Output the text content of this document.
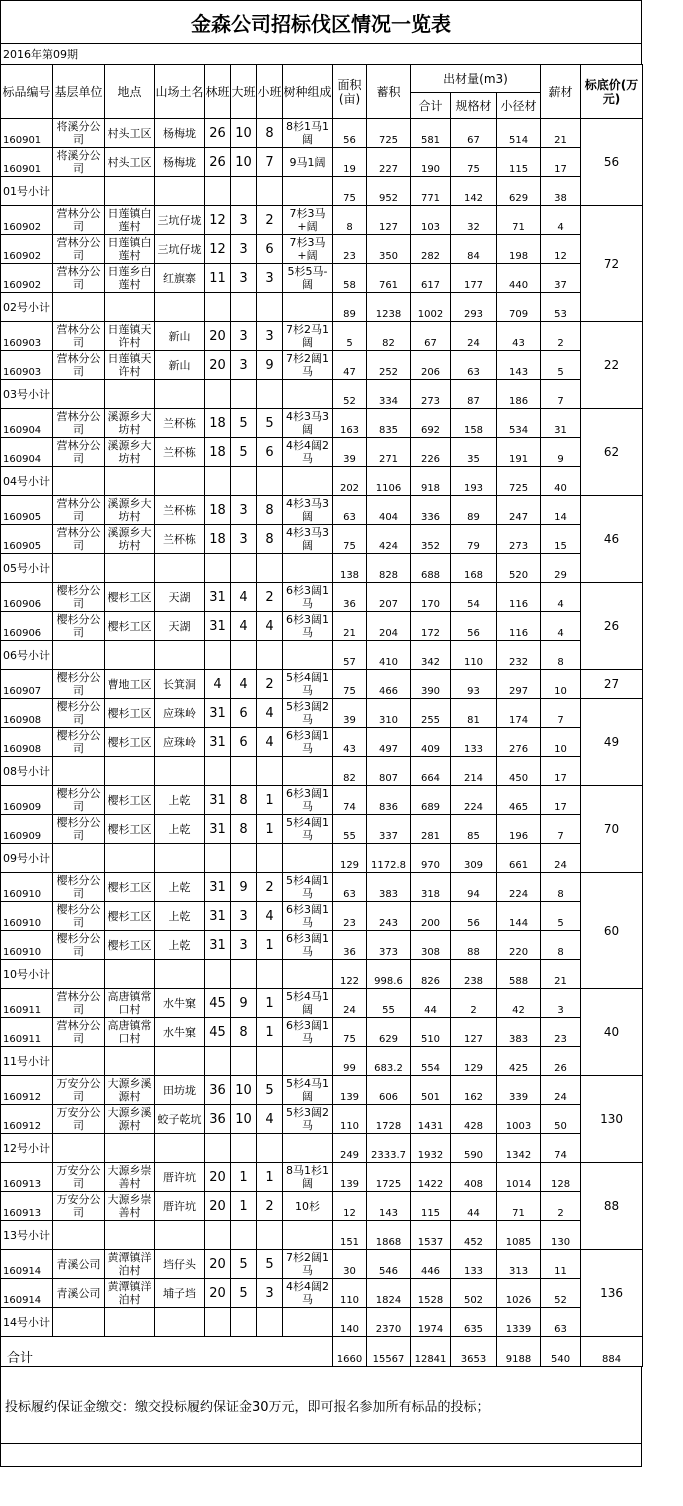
金森公司招标伐区情况一览表
2016年第09期
标品编号	基层单位	地点	山场土名	林班	大班	小班	树种组成	面积(亩)	蓄积	出材量(m3)			薪材	标底价(万元)
										合计	规格材	小径材		
160901	将溪分公司	村头工区	杨梅垅	26	10	8	8杉1马1阔	56	725	581	67	514	21	56
160901	将溪分公司	村头工区	杨梅垅	26	10	7	9马1阔	19	227	190	75	115	17	
01号小计								75	952	771	142	629	38	
160902	营林分公司	日莲镇白莲村	三坑仔垅	12	3	2	7杉3马+阔	8	127	103	32	71	4	72
160902	营林分公司	日莲镇白莲村	三坑仔垅	12	3	6	7杉3马+阔	23	350	282	84	198	12	
160902	营林分公司	日莲乡白莲村	红旗寨	11	3	3	5杉5马-阔	58	761	617	177	440	37	
02号小计								89	1238	1002	293	709	53	
160903	营林分公司	日莲镇天许村	新山	20	3	3	7杉2马1阔	5	82	67	24	43	2	22
160903	营林分公司	日莲镇天许村	新山	20	3	9	7杉2阔1马	47	252	206	63	143	5	
03号小计								52	334	273	87	186	7	
160904	营林分公司	溪源乡大坊村	兰杯栋	18	5	5	4杉3马3阔	163	835	692	158	534	31	62
160904	营林分公司	溪源乡大坊村	兰杯栋	18	5	6	4杉4阔2马	39	271	226	35	191	9	
04号小计								202	1106	918	193	725	40	
160905	营林分公司	溪源乡大坊村	兰杯栋	18	3	8	4杉3马3阔	63	404	336	89	247	14	46
160905	营林分公司	溪源乡大坊村	兰杯栋	18	3	8	4杉3马3阔	75	424	352	79	273	15	
05号小计								138	828	688	168	520	29	
160906	樱杉分公司	樱杉工区	天湖	31	4	2	6杉3阔1马	36	207	170	54	116	4	26
160906	樱杉分公司	樱杉工区	天湖	31	4	4	6杉3阔1马	21	204	172	56	116	4	
06号小计								57	410	342	110	232	8	
160907	樱杉分公司	曹地工区	长箕洞	4	4	2	5杉4阔1马	75	466	390	93	297	10	27
160908	樱杉分公司	樱杉工区	应珠岭	31	6	4	5杉3阔2马	39	310	255	81	174	7	49
160908	樱杉分公司	樱杉工区	应珠岭	31	6	4	6杉3阔1马	43	497	409	133	276	10	
08号小计								82	807	664	214	450	17	
160909	樱杉分公司	樱杉工区	上乾	31	8	1	6杉3阔1马	74	836	689	224	465	17	70
160909	樱杉分公司	樱杉工区	上乾	31	8	1	5杉4阔1马	55	337	281	85	196	7	
09号小计								129	1172.8	970	309	661	24	
160910	樱杉分公司	樱杉工区	上乾	31	9	2	5杉4阔1马	63	383	318	94	224	8	60
160910	樱杉分公司	樱杉工区	上乾	31	3	4	6杉3阔1马	23	243	200	56	144	5	
160910	樱杉分公司	樱杉工区	上乾	31	3	1	6杉3阔1马	36	373	308	88	220	8	
10号小计								122	998.6	826	238	588	21	
160911	营林分公司	高唐镇常口村	水牛窠	45	9	1	5杉4马1阔	24	55	44	2	42	3	40
160911	营林分公司	高唐镇常口村	水牛窠	45	8	1	6杉3阔1马	75	629	510	127	383	23	
11号小计								99	683.2	554	129	425	26	
160912	万安分公司	大源乡溪源村	田坊垅	36	10	5	5杉4马1阔	139	606	501	162	339	24	130
160912	万安分公司	大源乡溪源村	蛟子乾坑	36	10	4	5杉3阔2马	110	1728	1431	428	1003	50	
12号小计								249	2333.7	1932	590	1342	74	
160913	万安分公司	大源乡崇善村	厝许坑	20	1	1	8马1杉1阔	139	1725	1422	408	1014	128	88
160913	万安分公司	大源乡崇善村	厝许坑	20	1	2	10杉	12	143	115	44	71	2	
13号小计								151	1868	1537	452	1085	130	
160914	青溪公司	黄潭镇洋泊村	垱仔头	20	5	5	7杉2阔1马	30	546	446	133	313	11	136
160914	青溪公司	黄潭镇洋泊村	埔子垱	20	5	3	4杉4阔2马	110	1824	1528	502	1026	52	
14号小计								140	2370	1974	635	1339	63	
合计								1660	15567	12841	3653	9188	540	884
投标履约保证金缴交：缴交投标履约保证金30万元，即可报名参加所有标品的投标；
